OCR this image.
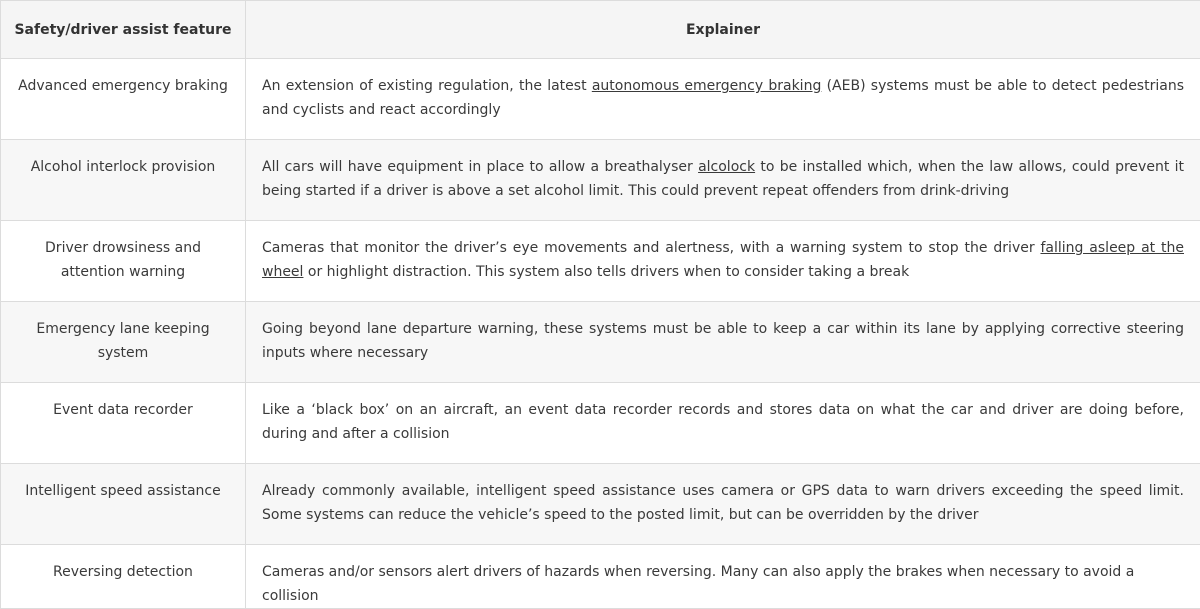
Safety/driver assist feature	Explainer
Advanced emergency braking	An extension of existing regulation, the latest autonomous emergency braking (AEB) systems must be able to detect pedestrians and cyclists and react accordingly
Alcohol interlock provision	All cars will have equipment in place to allow a breathalyser alcolock to be installed which, when the law allows, could prevent it being started if a driver is above a set alcohol limit. This could prevent repeat offenders from drink-driving
Driver drowsiness and attention warning	Cameras that monitor the driver’s eye movements and alertness, with a warning system to stop the driver falling asleep at the wheel or highlight distraction. This system also tells drivers when to consider taking a break
Emergency lane keeping system	Going beyond lane departure warning, these systems must be able to keep a car within its lane by applying corrective steering inputs where necessary
Event data recorder	Like a ‘black box’ on an aircraft, an event data recorder records and stores data on what the car and driver are doing before, during and after a collision
Intelligent speed assistance	Already commonly available, intelligent speed assistance uses camera or GPS data to warn drivers exceeding the speed limit. Some systems can reduce the vehicle’s speed to the posted limit, but can be overridden by the driver
Reversing detection	Cameras and/or sensors alert drivers of hazards when reversing. Many can also apply the brakes when necessary to avoid a collision
